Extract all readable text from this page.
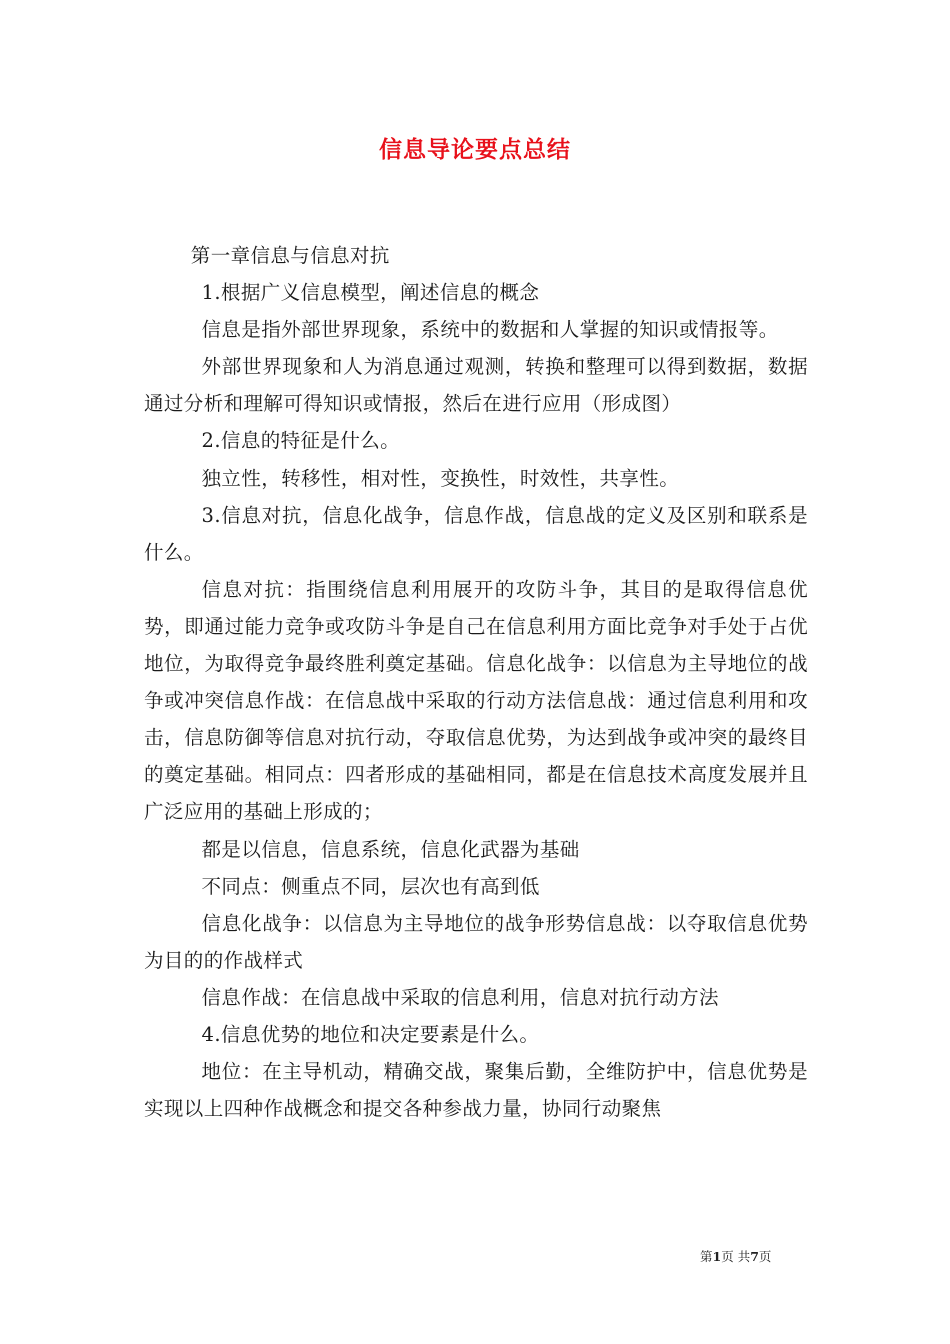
信息导论要点总结

第一章信息与信息对抗

1.根据广义信息模型，阐述信息的概念

信息是指外部世界现象，系统中的数据和人掌握的知识或情报等。

外部世界现象和人为消息通过观测，转换和整理可以得到数据，数据通过分析和理解可得知识或情报，然后在进行应用（形成图）

2.信息的特征是什么。

独立性，转移性，相对性，变换性，时效性，共享性。

3.信息对抗，信息化战争，信息作战，信息战的定义及区别和联系是什么。

信息对抗：指围绕信息利用展开的攻防斗争，其目的是取得信息优势，即通过能力竞争或攻防斗争是自己在信息利用方面比竞争对手处于占优地位，为取得竞争最终胜利奠定基础。信息化战争：以信息为主导地位的战争或冲突信息作战：在信息战中采取的行动方法信息战：通过信息利用和攻击，信息防御等信息对抗行动，夺取信息优势，为达到战争或冲突的最终目的奠定基础。相同点：四者形成的基础相同，都是在信息技术高度发展并且广泛应用的基础上形成的；

都是以信息，信息系统，信息化武器为基础

不同点：侧重点不同，层次也有高到低

信息化战争：以信息为主导地位的战争形势信息战：以夺取信息优势为目的的作战样式

信息作战：在信息战中采取的信息利用，信息对抗行动方法

4.信息优势的地位和决定要素是什么。

地位：在主导机动，精确交战，聚集后勤，全维防护中，信息优势是实现以上四种作战概念和提交各种参战力量，协同行动聚焦

第1页 共7页
